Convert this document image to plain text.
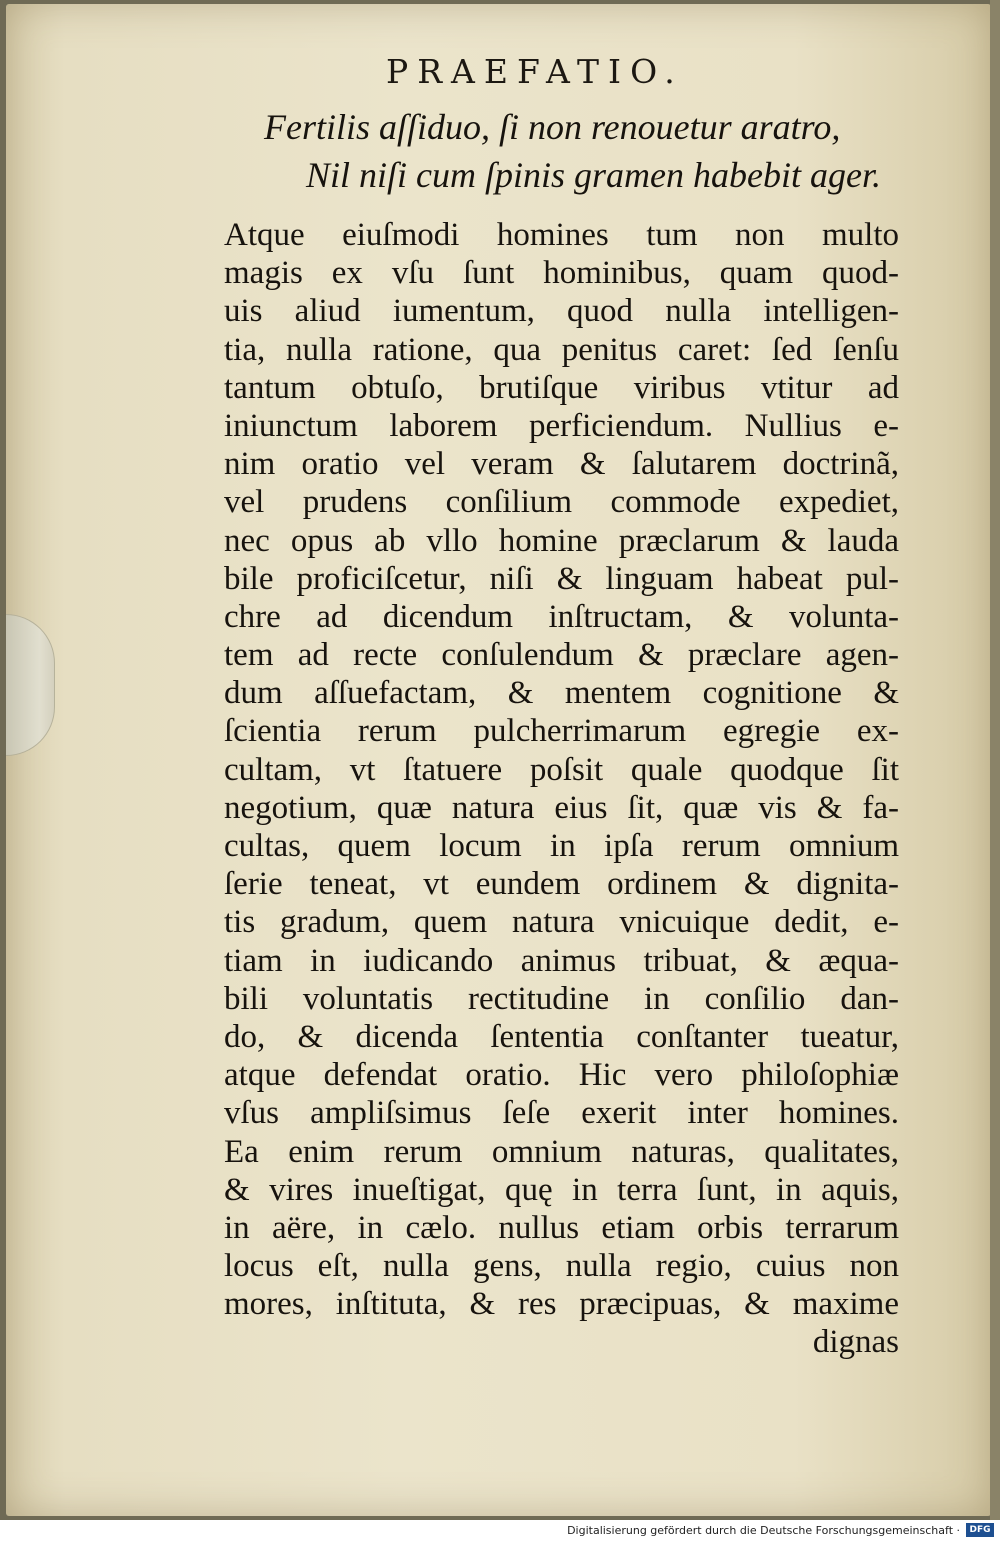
PRAEFATIO.
Fertilis aſſiduo, ſi non renouetur aratro,
Nil niſi cum ſpinis gramen habebit ager.
Atque eiuſmodi homines tum non multo
magis ex vſu ſunt hominibus, quam quod-
uis aliud iumentum, quod nulla intelligen-
tia, nulla ratione, qua penitus caret: ſed ſenſu
tantum obtuſo, brutiſque viribus vtitur ad
iniunctum laborem perficiendum. Nullius e-
nim oratio vel veram & ſalutarem doctrinã,
vel prudens conſilium commode expediet,
nec opus ab vllo homine præclarum & lauda
bile proficiſcetur, niſi & linguam habeat pul-
chre ad dicendum inſtructam, & volunta-
tem ad recte conſulendum & præclare agen-
dum aſſuefactam, & mentem cognitione &
ſcientia rerum pulcherrimarum egregie ex-
cultam, vt ſtatuere poſsit quale quodque ſit
negotium, quæ natura eius ſit, quæ vis & fa-
cultas, quem locum in ipſa rerum omnium
ſerie teneat, vt eundem ordinem & dignita-
tis gradum, quem natura vnicuique dedit, e-
tiam in iudicando animus tribuat, & æqua-
bili voluntatis rectitudine in conſilio dan-
do, & dicenda ſententia conſtanter tueatur,
atque defendat oratio. Hic vero philoſophiæ
vſus ampliſsimus ſeſe exerit inter homines.
Ea enim rerum omnium naturas, qualitates,
& vires inueſtigat, quę in terra ſunt, in aquis,
in aëre, in cælo. nullus etiam orbis terrarum
locus eſt, nulla gens, nulla regio, cuius non
mores, inſtituta, & res præcipuas, & maxime
dignas
Digitalisierung gefördert durch die Deutsche Forschungsgemeinschaft ·	DFG
